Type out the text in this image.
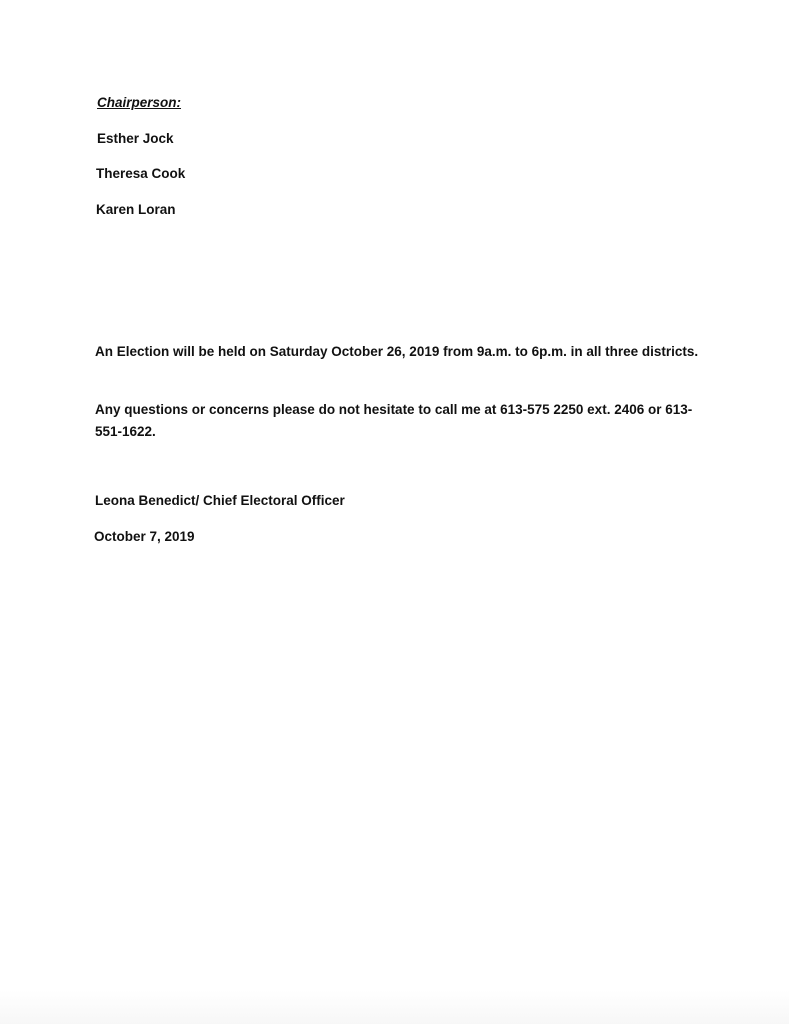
Chairperson:
Esther Jock
Theresa Cook
Karen Loran
An Election will be held on Saturday October 26, 2019 from 9a.m. to 6p.m. in all three districts.
Any questions or concerns please do not hesitate to call me at 613-575 2250 ext. 2406 or 613-551-1622.
Leona Benedict/ Chief Electoral Officer
October 7, 2019
